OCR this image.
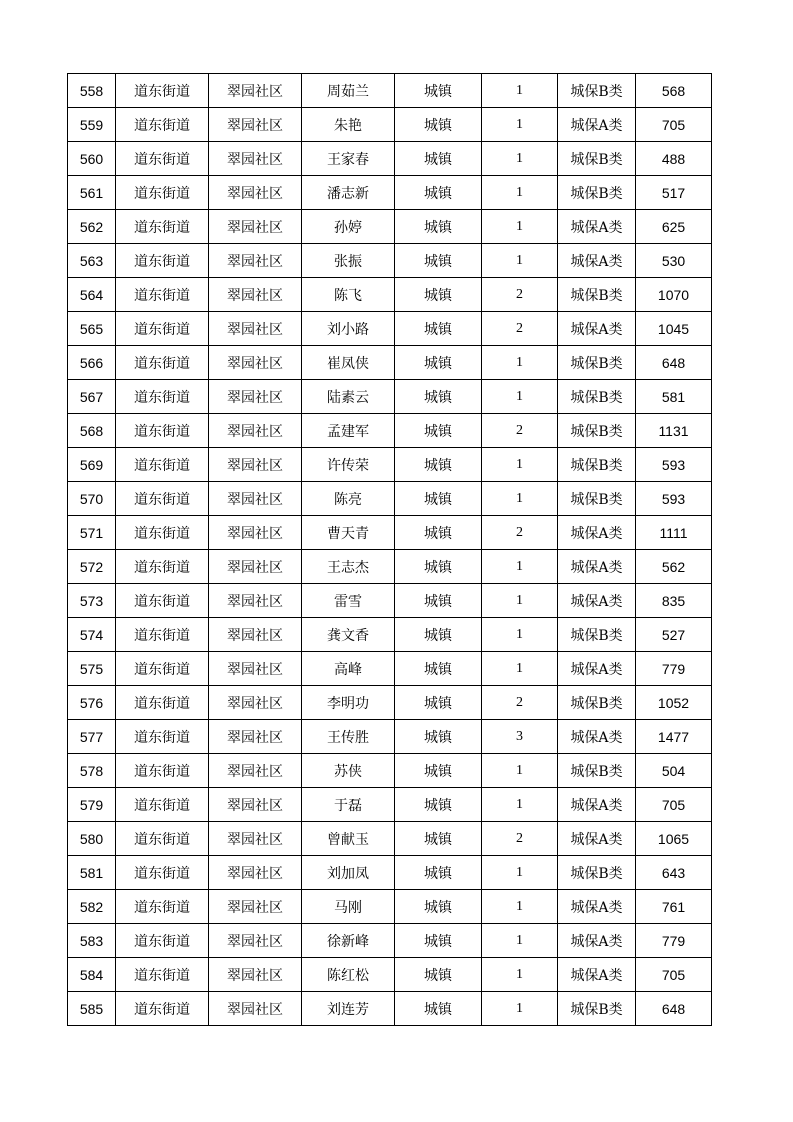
558	道东街道	翠园社区	周茹兰	城镇	1	城保B类	568
559	道东街道	翠园社区	朱艳	城镇	1	城保A类	705
560	道东街道	翠园社区	王家春	城镇	1	城保B类	488
561	道东街道	翠园社区	潘志新	城镇	1	城保B类	517
562	道东街道	翠园社区	孙婷	城镇	1	城保A类	625
563	道东街道	翠园社区	张振	城镇	1	城保A类	530
564	道东街道	翠园社区	陈飞	城镇	2	城保B类	1070
565	道东街道	翠园社区	刘小路	城镇	2	城保A类	1045
566	道东街道	翠园社区	崔凤侠	城镇	1	城保B类	648
567	道东街道	翠园社区	陆素云	城镇	1	城保B类	581
568	道东街道	翠园社区	孟建军	城镇	2	城保B类	1131
569	道东街道	翠园社区	许传荣	城镇	1	城保B类	593
570	道东街道	翠园社区	陈亮	城镇	1	城保B类	593
571	道东街道	翠园社区	曹天青	城镇	2	城保A类	1111
572	道东街道	翠园社区	王志杰	城镇	1	城保A类	562
573	道东街道	翠园社区	雷雪	城镇	1	城保A类	835
574	道东街道	翠园社区	龚文香	城镇	1	城保B类	527
575	道东街道	翠园社区	高峰	城镇	1	城保A类	779
576	道东街道	翠园社区	李明功	城镇	2	城保B类	1052
577	道东街道	翠园社区	王传胜	城镇	3	城保A类	1477
578	道东街道	翠园社区	苏侠	城镇	1	城保B类	504
579	道东街道	翠园社区	于磊	城镇	1	城保A类	705
580	道东街道	翠园社区	曾献玉	城镇	2	城保A类	1065
581	道东街道	翠园社区	刘加凤	城镇	1	城保B类	643
582	道东街道	翠园社区	马刚	城镇	1	城保A类	761
583	道东街道	翠园社区	徐新峰	城镇	1	城保A类	779
584	道东街道	翠园社区	陈红松	城镇	1	城保A类	705
585	道东街道	翠园社区	刘连芳	城镇	1	城保B类	648
